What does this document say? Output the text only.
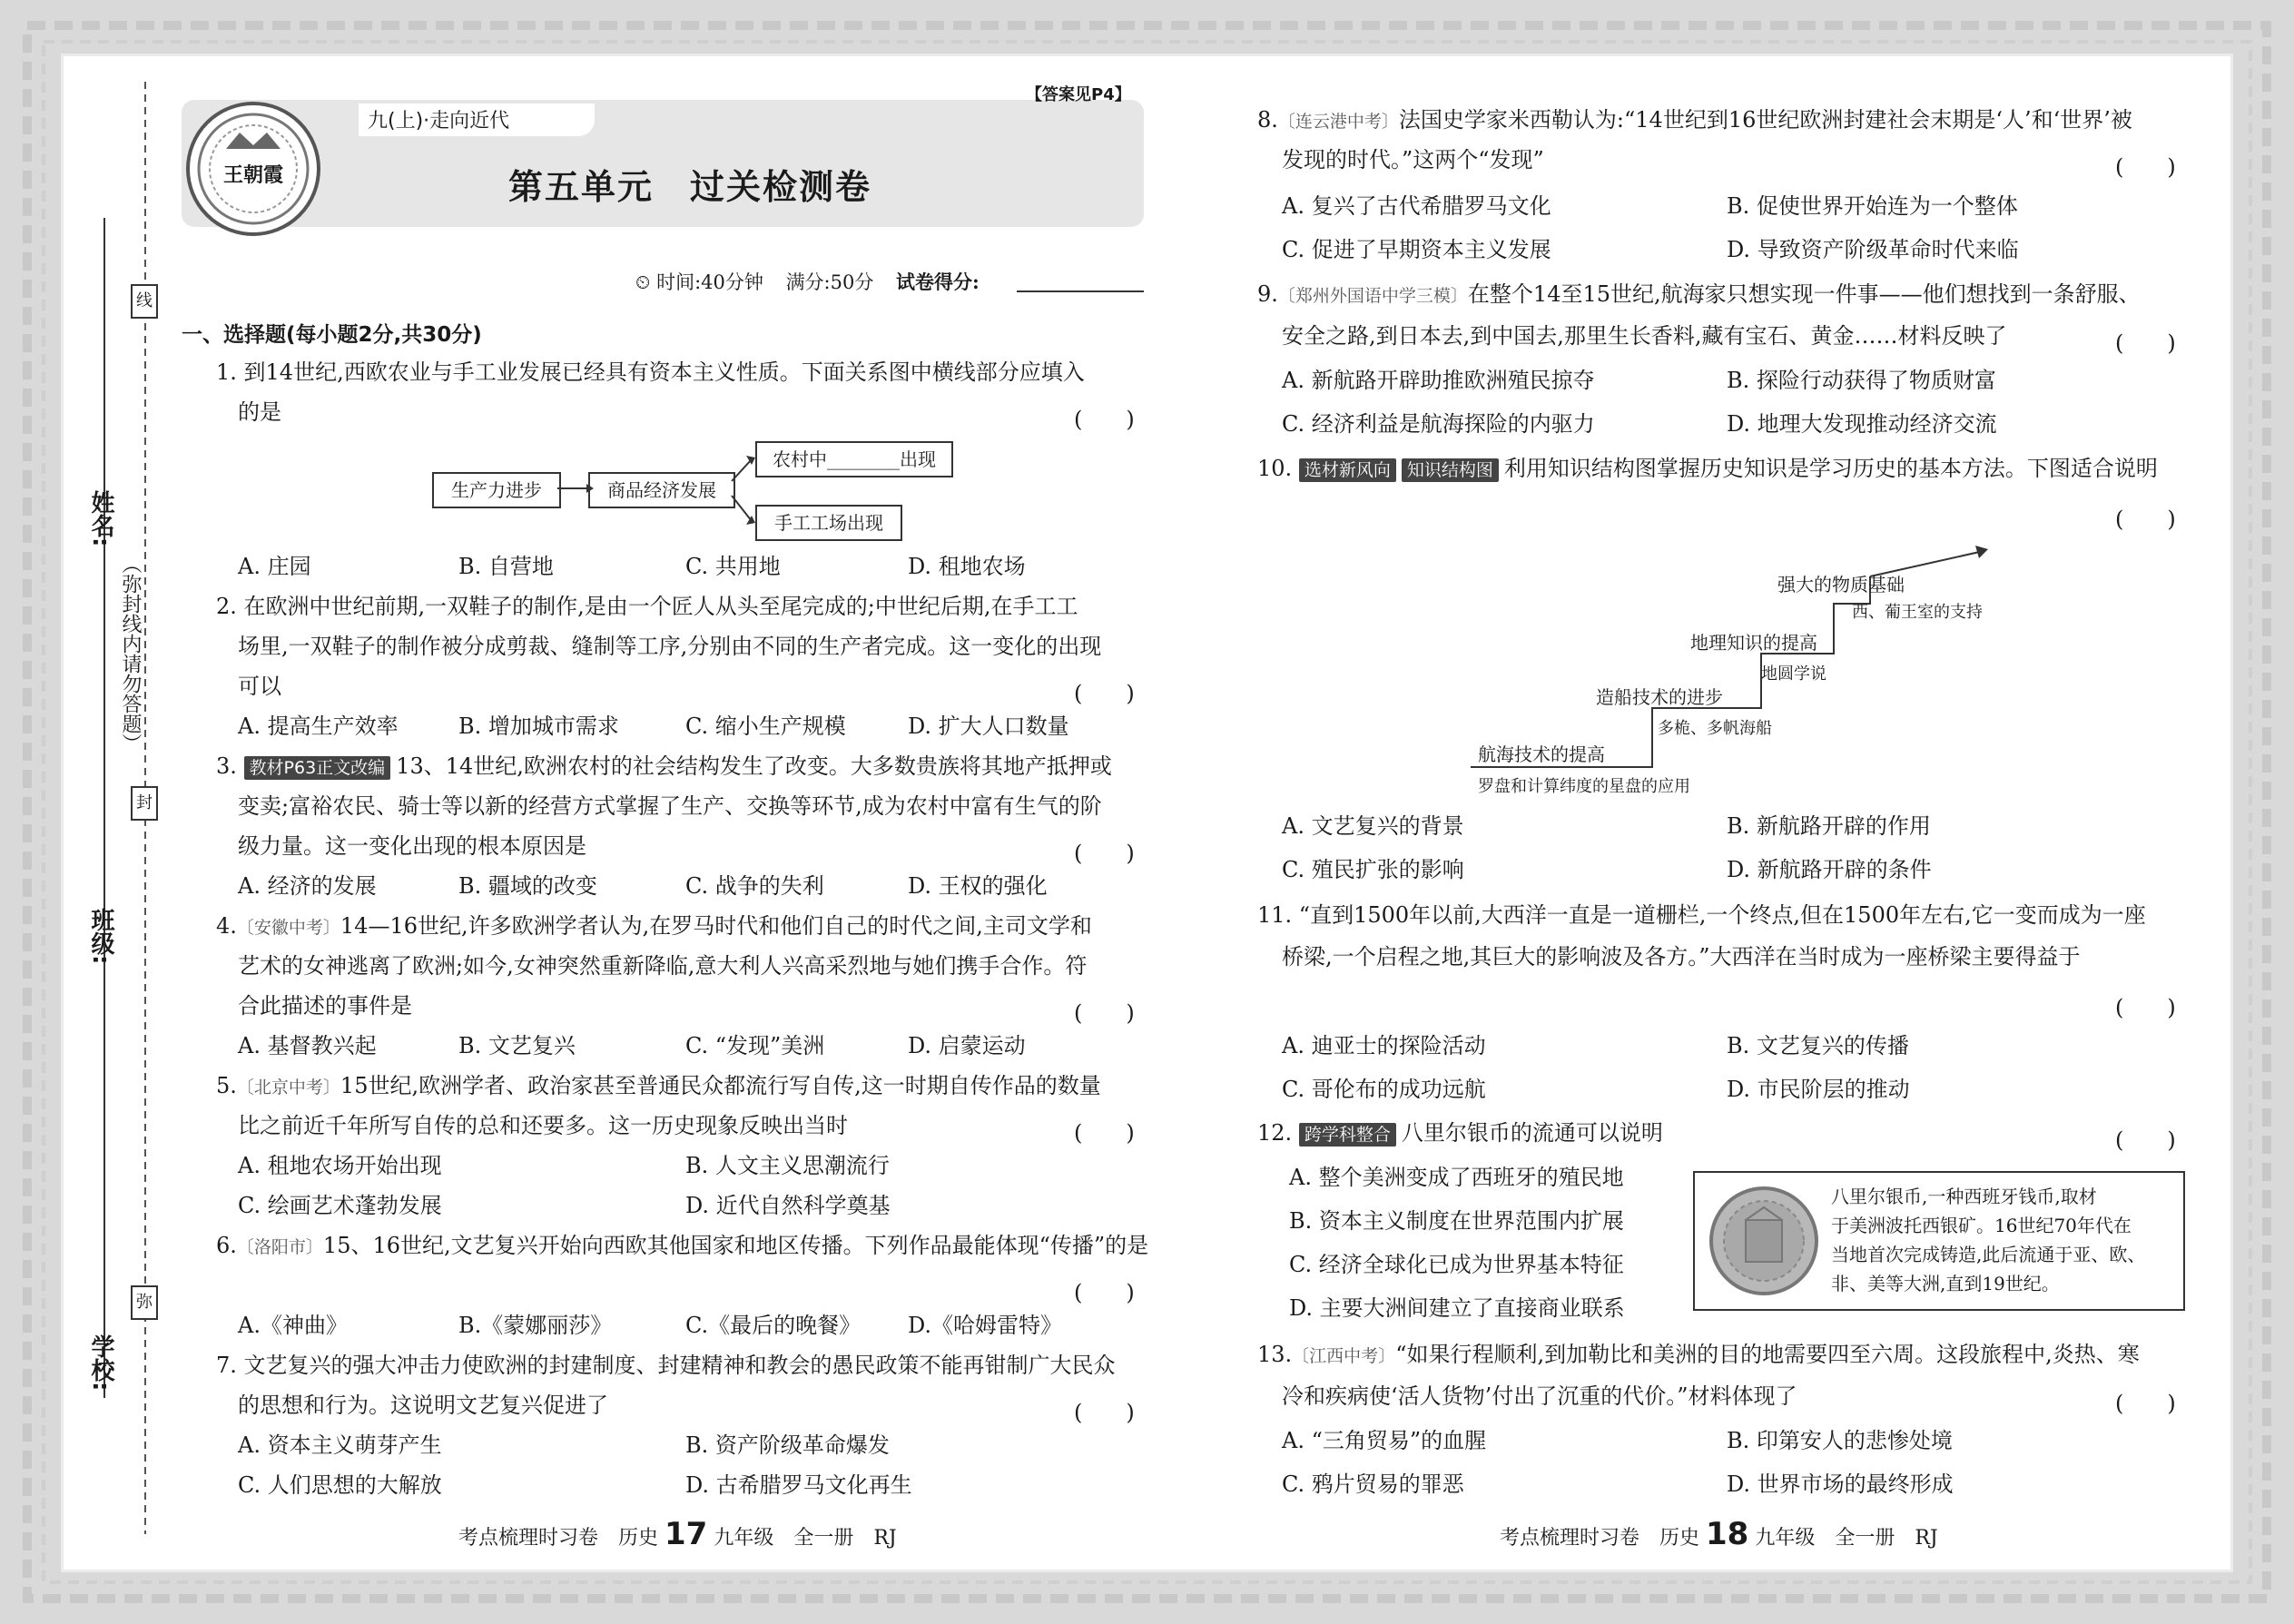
线
封
弥
姓名:
班级:
学校:
（弥封线内请勿答题）
九(上)·走向近代
【答案见P4】
王朝霞	第五单元　过关检测卷
⏲ 时间:40分钟 满分:50分 试卷得分:
一、选择题(每小题2分,共30分)
1. 到14世纪,西欧农业与手工业发展已经具有资本主义性质。下面关系图中横线部分应填入
的是	(　　)
生产力进步	商品经济发展
农村中________出现
手工工场出现
A. 庄园	B. 自营地	C. 共用地	D. 租地农场
2. 在欧洲中世纪前期,一双鞋子的制作,是由一个匠人从头至尾完成的;中世纪后期,在手工工
场里,一双鞋子的制作被分成剪裁、缝制等工序,分别由不同的生产者完成。这一变化的出现
可以	(　　)
A. 提高生产效率	B. 增加城市需求	C. 缩小生产规模	D. 扩大人口数量
3. 教材P63正文改编 13、14世纪,欧洲农村的社会结构发生了改变。大多数贵族将其地产抵押或
变卖;富裕农民、骑士等以新的经营方式掌握了生产、交换等环节,成为农村中富有生气的阶
级力量。这一变化出现的根本原因是	(　　)
A. 经济的发展	B. 疆域的改变	C. 战争的失利	D. 王权的强化
4.〔安徽中考〕14—16世纪,许多欧洲学者认为,在罗马时代和他们自己的时代之间,主司文学和
艺术的女神逃离了欧洲;如今,女神突然重新降临,意大利人兴高采烈地与她们携手合作。符
合此描述的事件是	(　　)
A. 基督教兴起	B. 文艺复兴	C. “发现”美洲	D. 启蒙运动
5.〔北京中考〕15世纪,欧洲学者、政治家甚至普通民众都流行写自传,这一时期自传作品的数量
比之前近千年所写自传的总和还要多。这一历史现象反映出当时	(　　)
A. 租地农场开始出现	B. 人文主义思潮流行
C. 绘画艺术蓬勃发展	D. 近代自然科学奠基
6.〔洛阳市〕15、16世纪,文艺复兴开始向西欧其他国家和地区传播。下列作品最能体现“传播”的是
(　　)
A.《神曲》	B.《蒙娜丽莎》	C.《最后的晚餐》 D.《哈姆雷特》
7. 文艺复兴的强大冲击力使欧洲的封建制度、封建精神和教会的愚民政策不能再钳制广大民众
的思想和行为。这说明文艺复兴促进了	(　　)
A. 资本主义萌芽产生	B. 资产阶级革命爆发
C. 人们思想的大解放	D. 古希腊罗马文化再生
考点梳理时习卷　历史 17 九年级　全一册　RJ
8.〔连云港中考〕法国史学家米西勒认为:“14世纪到16世纪欧洲封建社会末期是‘人’和‘世界’被
发现的时代。”这两个“发现”	(　　)
A. 复兴了古代希腊罗马文化	B. 促使世界开始连为一个整体
C. 促进了早期资本主义发展	D. 导致资产阶级革命时代来临
9.〔郑州外国语中学三模〕在整个14至15世纪,航海家只想实现一件事——他们想找到一条舒服、
安全之路,到日本去,到中国去,那里生长香料,藏有宝石、黄金……材料反映了	(　　)
A. 新航路开辟助推欧洲殖民掠夺	B. 探险行动获得了物质财富
C. 经济利益是航海探险的内驱力	D. 地理大发现推动经济交流
10. 选材新风向 知识结构图 利用知识结构图掌握历史知识是学习历史的基本方法。下图适合说明
(　　)
航海技术的提高
罗盘和计算纬度的星盘的应用
造船技术的进步
多桅、多帆海船
地理知识的提高
地圆学说
强大的物质基础
西、葡王室的支持
A. 文艺复兴的背景	B. 新航路开辟的作用
C. 殖民扩张的影响	D. 新航路开辟的条件
11. “直到1500年以前,大西洋一直是一道栅栏,一个终点,但在1500年左右,它一变而成为一座
桥梁,一个启程之地,其巨大的影响波及各方。”大西洋在当时成为一座桥梁主要得益于
(　　)
A. 迪亚士的探险活动	B. 文艺复兴的传播
C. 哥伦布的成功远航	D. 市民阶层的推动
12. 跨学科整合 八里尔银币的流通可以说明	(　　)
A. 整个美洲变成了西班牙的殖民地
B. 资本主义制度在世界范围内扩展
C. 经济全球化已成为世界基本特征
D. 主要大洲间建立了直接商业联系
八里尔银币,一种西班牙钱币,取材
于美洲波托西银矿。16世纪70年代在
当地首次完成铸造,此后流通于亚、欧、
非、美等大洲,直到19世纪。
13.〔江西中考〕“如果行程顺利,到加勒比和美洲的目的地需要四至六周。这段旅程中,炎热、寒
冷和疾病使‘活人货物’付出了沉重的代价。”材料体现了	(　　)
A. “三角贸易”的血腥	B. 印第安人的悲惨处境
C. 鸦片贸易的罪恶	D. 世界市场的最终形成
考点梳理时习卷　历史 18 九年级　全一册　RJ
